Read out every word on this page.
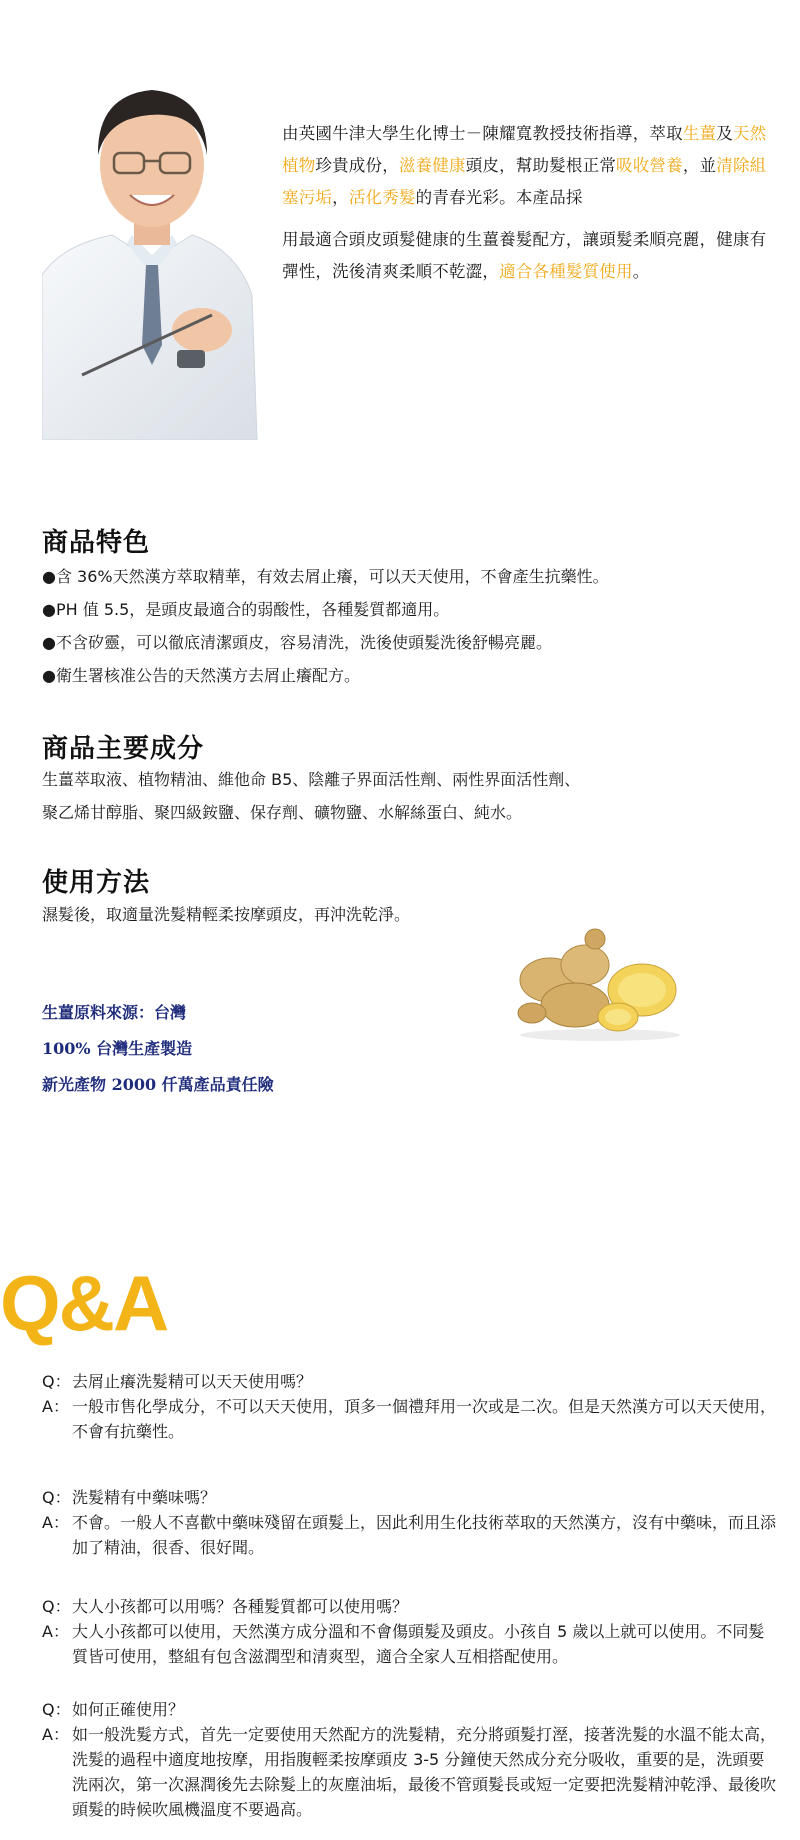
由英國牛津大學生化博士－陳耀寬教授技術指導，萃取生薑及天然植物珍貴成份，滋養健康頭皮，幫助髮根正常吸收營養，並清除組塞污垢，活化秀髮的青春光彩。本產品採

用最適合頭皮頭髮健康的生薑養髮配方，讓頭髮柔順亮麗，健康有彈性，洗後清爽柔順不乾澀，適合各種髮質使用。

商品特色
●含 36%天然漢方萃取精華，有效去屑止癢，可以天天使用，不會產生抗藥性。
●PH 值 5.5，是頭皮最適合的弱酸性，各種髮質都適用。
●不含矽靈，可以徹底清潔頭皮，容易清洗，洗後使頭髮洗後舒暢亮麗。
●衛生署核准公告的天然漢方去屑止癢配方。
商品主要成分
生薑萃取液、植物精油、維他命 B5、陰離子界面活性劑、兩性界面活性劑、
聚乙烯甘醇脂、聚四級銨鹽、保存劑、礦物鹽、水解絲蛋白、純水。
使用方法
濕髮後，取適量洗髮精輕柔按摩頭皮，再沖洗乾淨。
生薑原料來源：台灣
100% 台灣生產製造
新光產物 2000 仟萬產品責任險
Q&A
Q： 去屑止癢洗髮精可以天天使用嗎？
A： 一般市售化學成分，不可以天天使用，頂多一個禮拜用一次或是二次。但是天然漢方可以天天使用，不會有抗藥性。
Q： 洗髮精有中藥味嗎？
A： 不會。一般人不喜歡中藥味殘留在頭髮上，因此利用生化技術萃取的天然漢方，沒有中藥味，而且添加了精油，很香、很好聞。
Q： 大人小孩都可以用嗎？各種髮質都可以使用嗎？
A： 大人小孩都可以使用，天然漢方成分溫和不會傷頭髮及頭皮。小孩自 5 歲以上就可以使用。不同髮質皆可使用，整組有包含滋潤型和清爽型，適合全家人互相搭配使用。
Q： 如何正確使用？
A： 如一般洗髮方式，首先一定要使用天然配方的洗髮精，充分將頭髮打溼，接著洗髮的水溫不能太高，洗髮的過程中適度地按摩，用指腹輕柔按摩頭皮 3-5 分鐘使天然成分充分吸收，重要的是，洗頭要洗兩次，第一次濕潤後先去除髮上的灰塵油垢，最後不管頭髮長或短一定要把洗髮精沖乾淨、最後吹頭髮的時候吹風機溫度不要過高。
